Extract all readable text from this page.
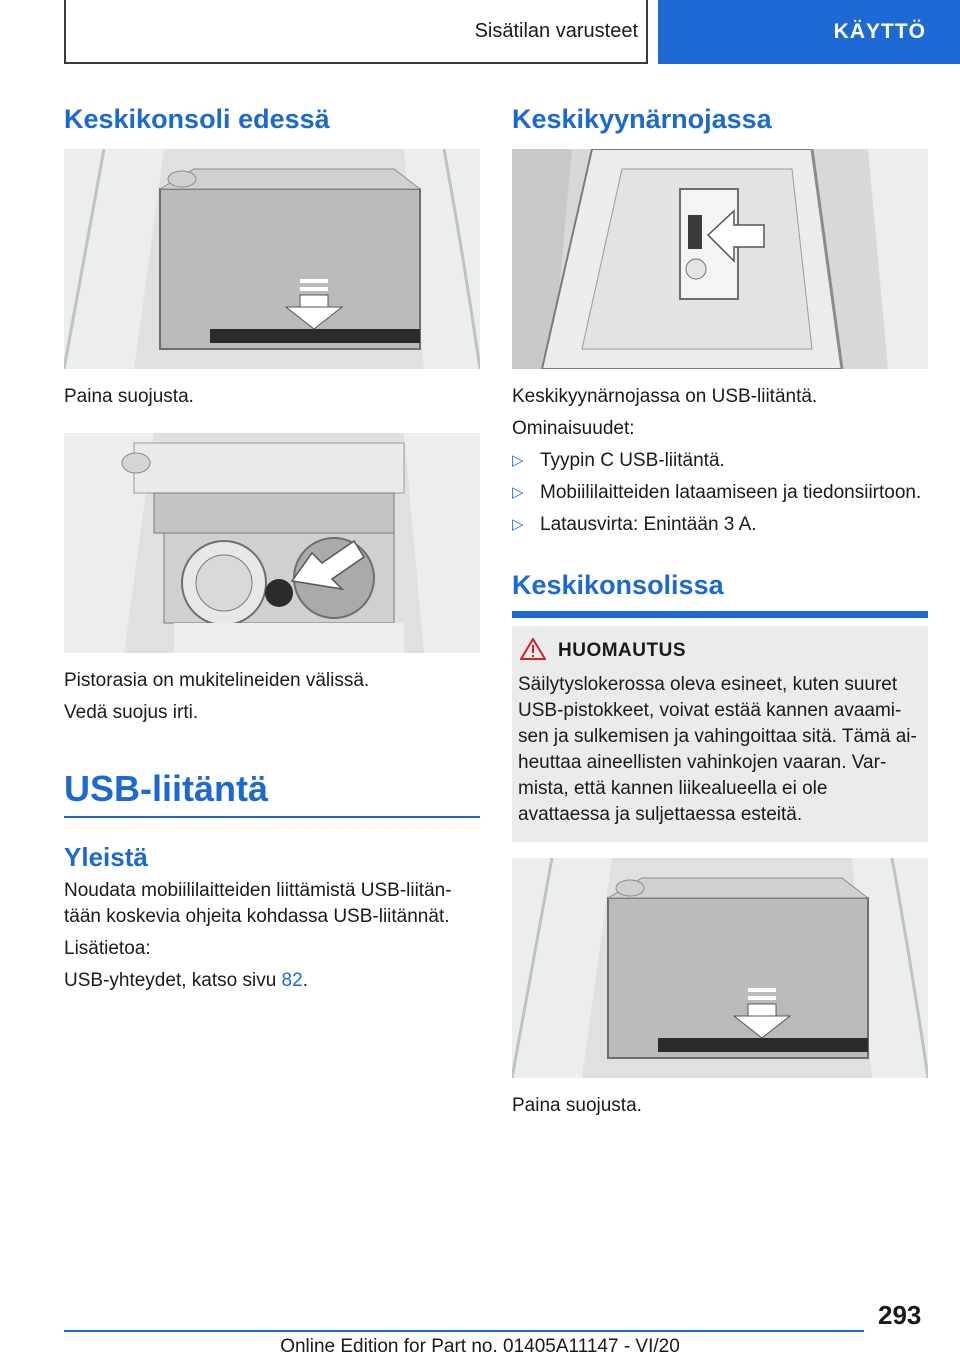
Sisätilan varusteet	KÄYTTÖ
Keskikonsoli edessä

Paina suojusta.

Pistorasia on mukitelineiden välissä.

Vedä suojus irti.

USB-liitäntä
Yleistä

Noudata mobiililaitteiden liittämistä USB-liitäntään koskevia ohjeita kohdassa USB-liitännät.

Lisätietoa:

USB-yhteydet, katso sivu 82.

Keskikyynärnojassa

Keskikyynärnojassa on USB-liitäntä.

Ominaisuudet:

▷ Tyypin C USB-liitäntä.

▷ Mobiililaitteiden lataamiseen ja tiedonsiirtoon.

▷ Latausvirta: Enintään 3 A.

Keskikonsolissa
HUOMAUTUS

Säilytyslokerossa oleva esineet, kuten suuret USB-pistokkeet, voivat estää kannen avaamisen ja sulkemisen ja vahingoittaa sitä. Tämä aiheuttaa aineellisten vahinkojen vaaran. Varmista, että kannen liikealueella ei ole avattaessa ja suljettaessa esteitä.

Paina suojusta.

293
Online Edition for Part no. 01405A11147 - VI/20
